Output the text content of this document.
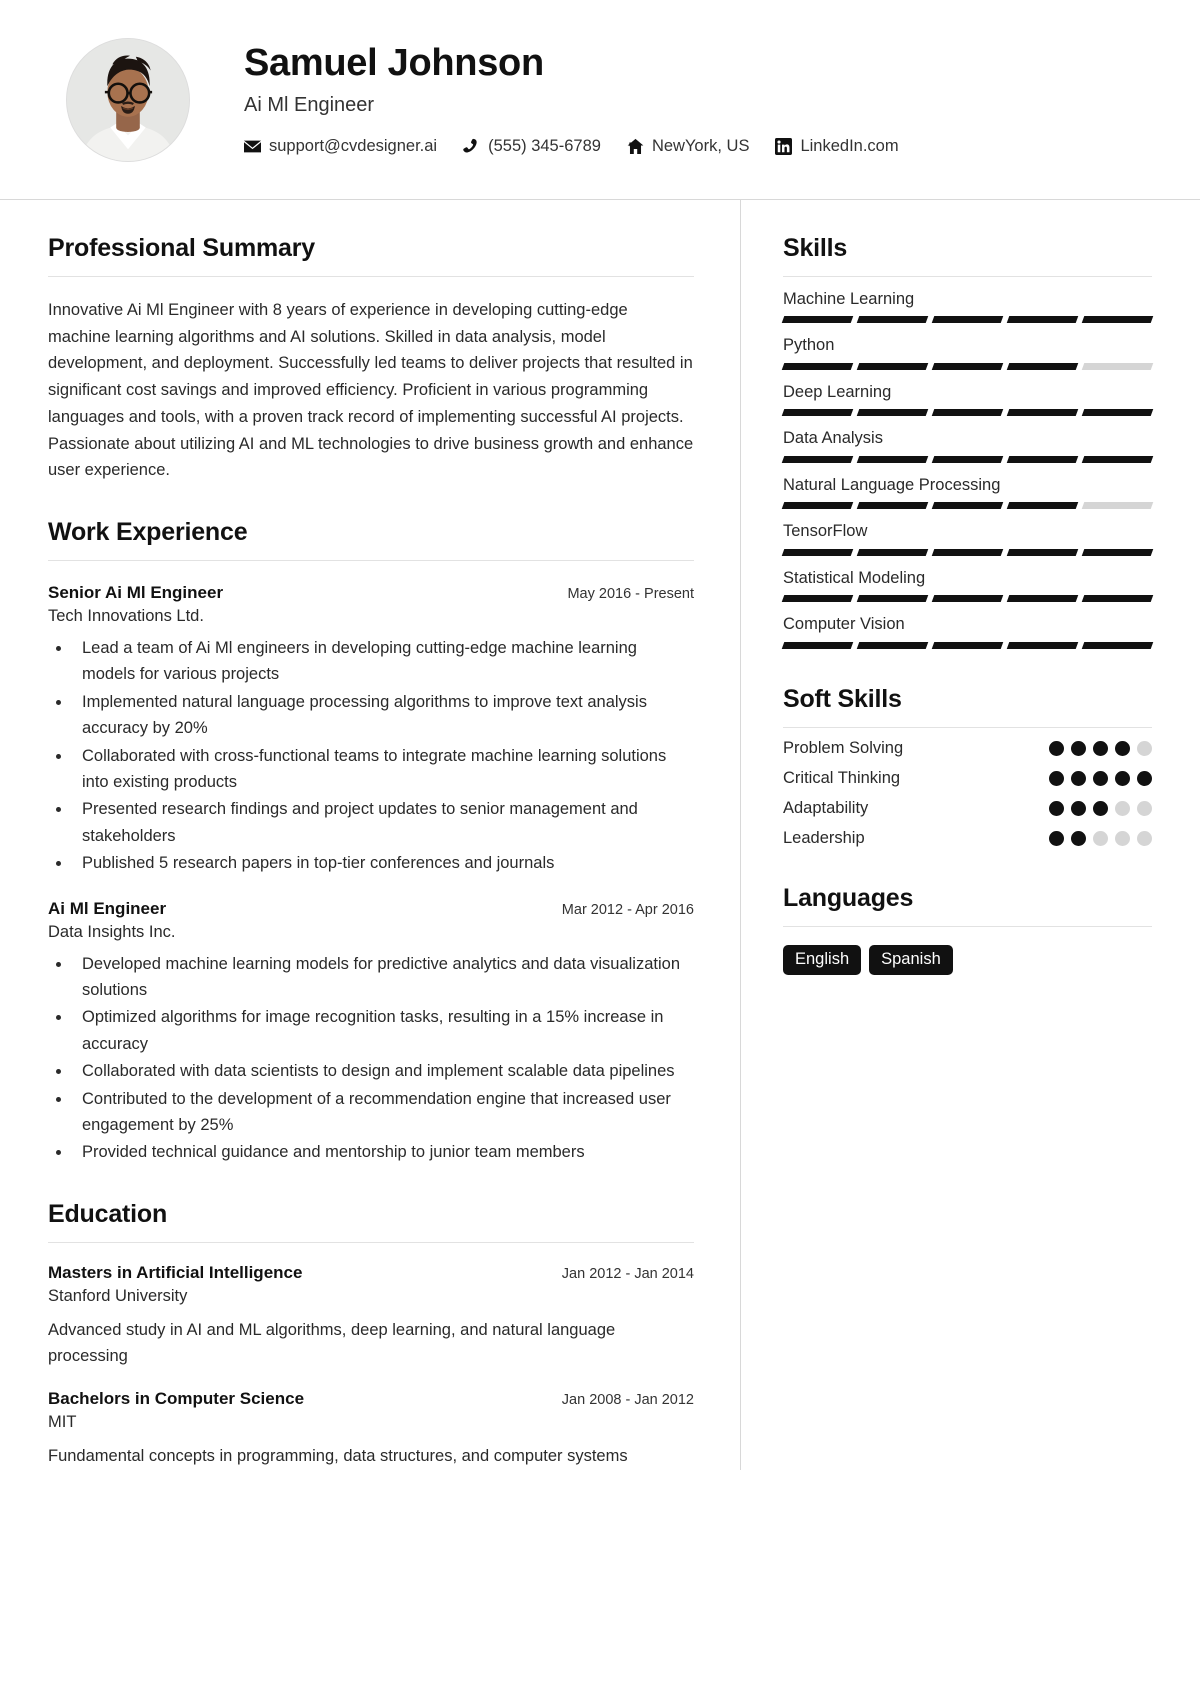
Samuel Johnson
Ai Ml Engineer
support@cvdesigner.ai	(555) 345-6789	NewYork, US	LinkedIn.com
Professional Summary

Innovative Ai Ml Engineer with 8 years of experience in developing cutting-edge machine learning algorithms and AI solutions. Skilled in data analysis, model development, and deployment. Successfully led teams to deliver projects that resulted in significant cost savings and improved efficiency. Proficient in various programming languages and tools, with a proven track record of implementing successful AI projects. Passionate about utilizing AI and ML technologies to drive business growth and enhance user experience.

Work Experience
Senior Ai Ml Engineer	May 2016 - Present
Tech Innovations Ltd.
• Lead a team of Ai Ml engineers in developing cutting-edge machine learning models for various projects
• Implemented natural language processing algorithms to improve text analysis accuracy by 20%
• Collaborated with cross-functional teams to integrate machine learning solutions into existing products
• Presented research findings and project updates to senior management and stakeholders
• Published 5 research papers in top-tier conferences and journals
Ai Ml Engineer	Mar 2012 - Apr 2016
Data Insights Inc.
• Developed machine learning models for predictive analytics and data visualization solutions
• Optimized algorithms for image recognition tasks, resulting in a 15% increase in accuracy
• Collaborated with data scientists to design and implement scalable data pipelines
• Contributed to the development of a recommendation engine that increased user engagement by 25%
• Provided technical guidance and mentorship to junior team members
Education
Masters in Artificial Intelligence	Jan 2012 - Jan 2014
Stanford University
Advanced study in AI and ML algorithms, deep learning, and natural language processing
Bachelors in Computer Science	Jan 2008 - Jan 2012
MIT
Fundamental concepts in programming, data structures, and computer systems
Skills
Machine Learning
Python
Deep Learning
Data Analysis
Natural Language Processing
TensorFlow
Statistical Modeling
Computer Vision
Soft Skills
Problem Solving
Critical Thinking
Adaptability
Leadership
Languages
English	Spanish
